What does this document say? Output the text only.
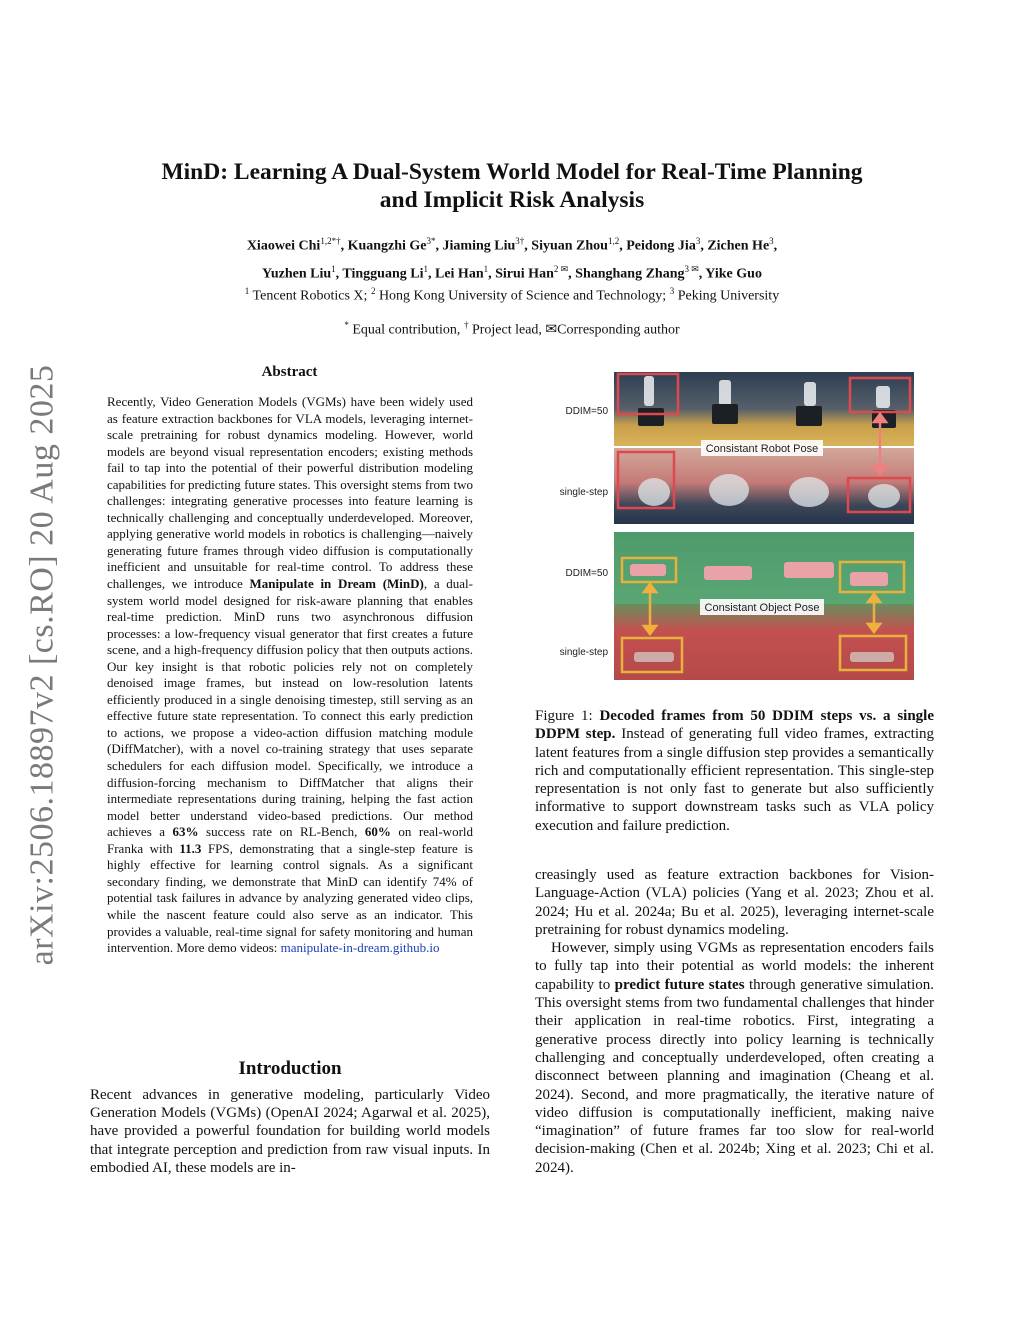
arXiv:2506.18897v2 [cs.RO] 20 Aug 2025
MinD: Learning A Dual-System World Model for Real-Time Planning
and Implicit Risk Analysis
Xiaowei Chi$^{1,2*\dagger}$, Kuangzhi $Ge^{3*}$, Jiaming Liu$^{3\dagger}$, Siyuan Zhou$^{1,2}$, Peidong Jia$^3$, Zichen He$^3$,
Yuzhen Liu$^1$, Tingguang Li$^1$, Lei Han$^1$, Sirui Han$^{2 ✉}$, Shanghang Zhang$^{3 ✉}$, Yike Guo
$^1$ Tencent Robotics X; $^2$ Hong Kong University of Science and Technology; $^3$ Peking University
* Equal contribution, † Project lead, ✉Corresponding author
Abstract
Recently, Video Generation Models (VGMs) have been widely used as feature extraction backbones for VLA models, leveraging internet-scale pretraining for robust dynamics modeling. However, world models are beyond visual representation encoders; existing methods fail to tap into the potential of their powerful distribution modeling capabilities for predicting future states. This oversight stems from two challenges: integrating generative processes into feature learning is technically challenging and conceptually underdeveloped. Moreover, applying generative world models in robotics is challenging—naively generating future frames through video diffusion is computationally inefficient and unsuitable for real-time control. To address these challenges, we introduce Manipulate in Dream (MinD), a dual-system world model designed for risk-aware planning that enables real-time prediction. MinD runs two asynchronous diffusion processes: a low-frequency visual generator that first creates a future scene, and a high-frequency diffusion policy that then outputs actions. Our key insight is that robotic policies rely not on completely denoised image frames, but instead on low-resolution latents efficiently produced in a single denoising timestep, still serving as an effective future state representation. To connect this early prediction to actions, we propose a video-action diffusion matching module (DiffMatcher), with a novel co-training strategy that uses separate schedulers for each diffusion model. Specifically, we introduce a diffusion-forcing mechanism to DiffMatcher that aligns their intermediate representations during training, helping the fast action model better understand video-based predictions. Our method achieves a 63% success rate on RL-Bench, 60% on real-world Franka with 11.3 FPS, demonstrating that a single-step feature is highly effective for learning control signals. As a significant secondary finding, we demonstrate that MinD can identify 74% of potential task failures in advance by analyzing generated video clips, while the nascent feature could also serve as an indicator. This provides a valuable, real-time signal for safety monitoring and human intervention. More demo videos: manipulate-in-dream.github.io
Introduction
Recent advances in generative modeling, particularly Video Generation Models (VGMs) (OpenAI 2024; Agarwal et al. 2025), have provided a powerful foundation for building world models that integrate perception and prediction from raw visual inputs. In embodied AI, these models are in-
DDIM=50
single-step
DDIM=50
single-step
Consistant Robot Pose
Consistant Object Pose
Figure 1: Decoded frames from 50 DDIM steps vs. a single DDPM step. Instead of generating full video frames, extracting latent features from a single diffusion step provides a semantically rich and computationally efficient representation. This single-step representation is not only fast to generate but also sufficiently informative to support downstream tasks such as VLA policy execution and failure prediction.

creasingly used as feature extraction backbones for Vision-Language-Action (VLA) policies (Yang et al. 2023; Zhou et al. 2024; Hu et al. 2024a; Bu et al. 2025), leveraging internet-scale pretraining for robust dynamics modeling.

However, simply using VGMs as representation encoders fails to fully tap into their potential as world models: the inherent capability to predict future states through generative simulation. This oversight stems from two fundamental challenges that hinder their application in real-time robotics. First, integrating a generative process directly into policy learning is technically challenging and conceptually underdeveloped, often creating a disconnect between planning and imagination (Cheang et al. 2024). Second, and more pragmatically, the iterative nature of video diffusion is computationally inefficient, making naive “imagination” of future frames far too slow for real-world decision-making (Chen et al. 2024b; Xing et al. 2023; Chi et al. 2024).
